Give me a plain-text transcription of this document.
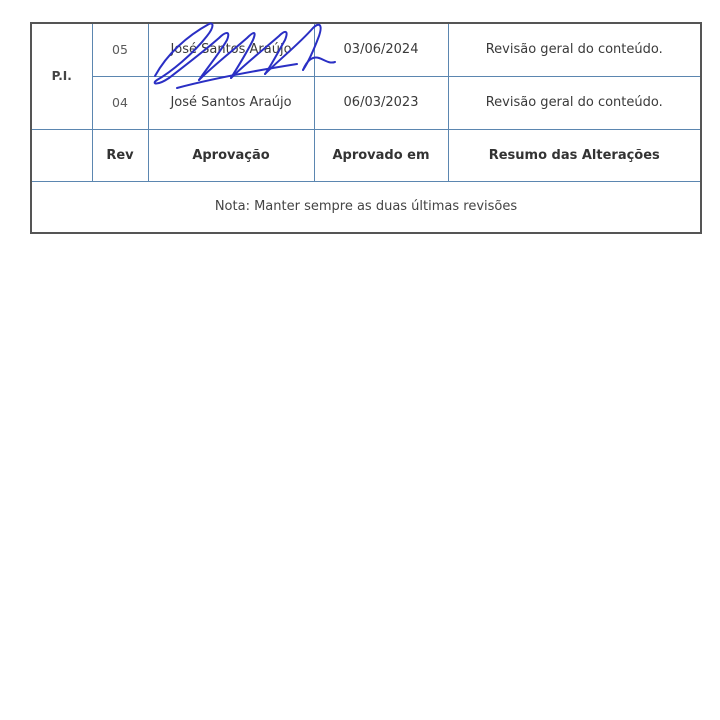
P.I.	05	José Santos Araújo	03/06/2024	Revisão geral do conteúdo.
	04	José Santos Araújo	06/03/2023	Revisão geral do conteúdo.
	Rev	Aprovação	Aprovado em	Resumo das Alterações
Nota: Manter sempre as duas últimas revisões				
